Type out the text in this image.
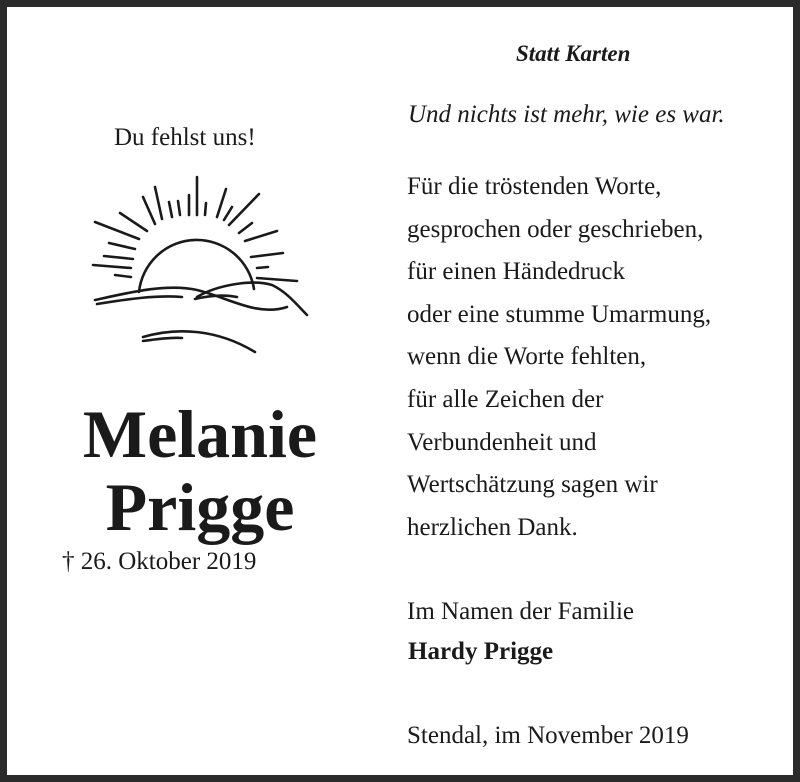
Du fehlst uns!
Melanie
Prigge
† 26. Oktober 2019
Statt Karten
Und nichts ist mehr, wie es war.
Für die tröstenden Worte,
gesprochen oder geschrieben,
für einen Händedruck
oder eine stumme Umarmung,
wenn die Worte fehlten,
für alle Zeichen der
Verbundenheit und
Wertschätzung sagen wir
herzlichen Dank.
Im Namen der Familie
Hardy Prigge
Stendal, im November 2019
